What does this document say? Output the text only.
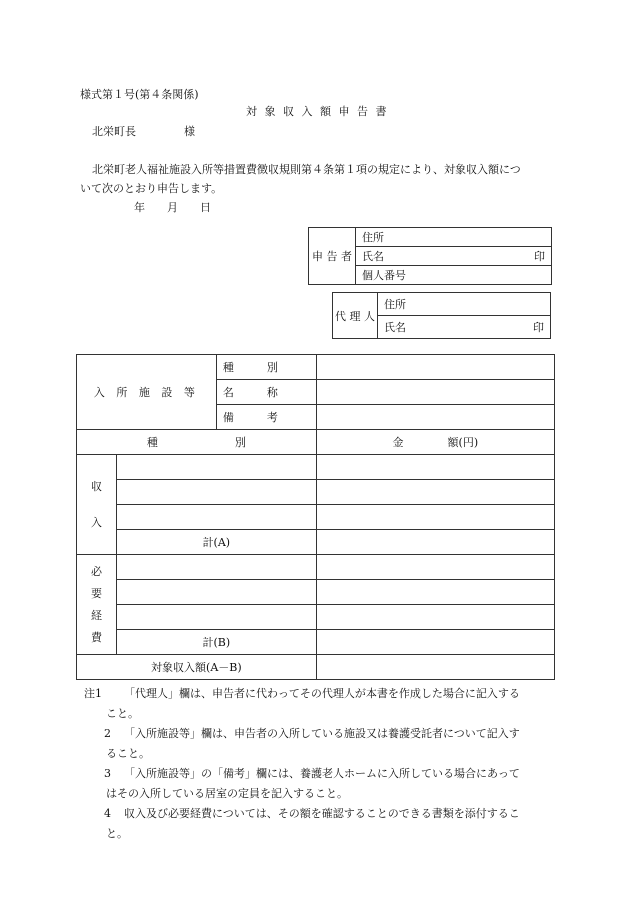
様式第１号(第４条関係)
対 象 収 入 額 申 告 書
北栄町長	様
北栄町老人福祉施設入所等措置費徴収規則第４条第１項の規定により、対象収入額につ
いて次のとおり申告します。
年　　月　　日
申 告 者	住所

氏名	印

個人番号
代 理 人	住所

氏名	印
入 所 施 設 等		種　　　別	
		名　　　称	
		備　　　考	
種　　　　　　　別			金　　　　額(円)
収

入			

	計(A)		
必
要
経
費			

	計(B)		
対象収入額(A－B)			
注1 「代理人」欄は、申告者に代わってその代理人が本書を作成した場合に記入する
こと。
2 「入所施設等」欄は、申告者の入所している施設又は養護受託者について記入す
ること。
3 「入所施設等」の「備考」欄には、養護老人ホームに入所している場合にあって
はその入所している居室の定員を記入すること。
4 収入及び必要経費については、その額を確認することのできる書類を添付するこ
と。
